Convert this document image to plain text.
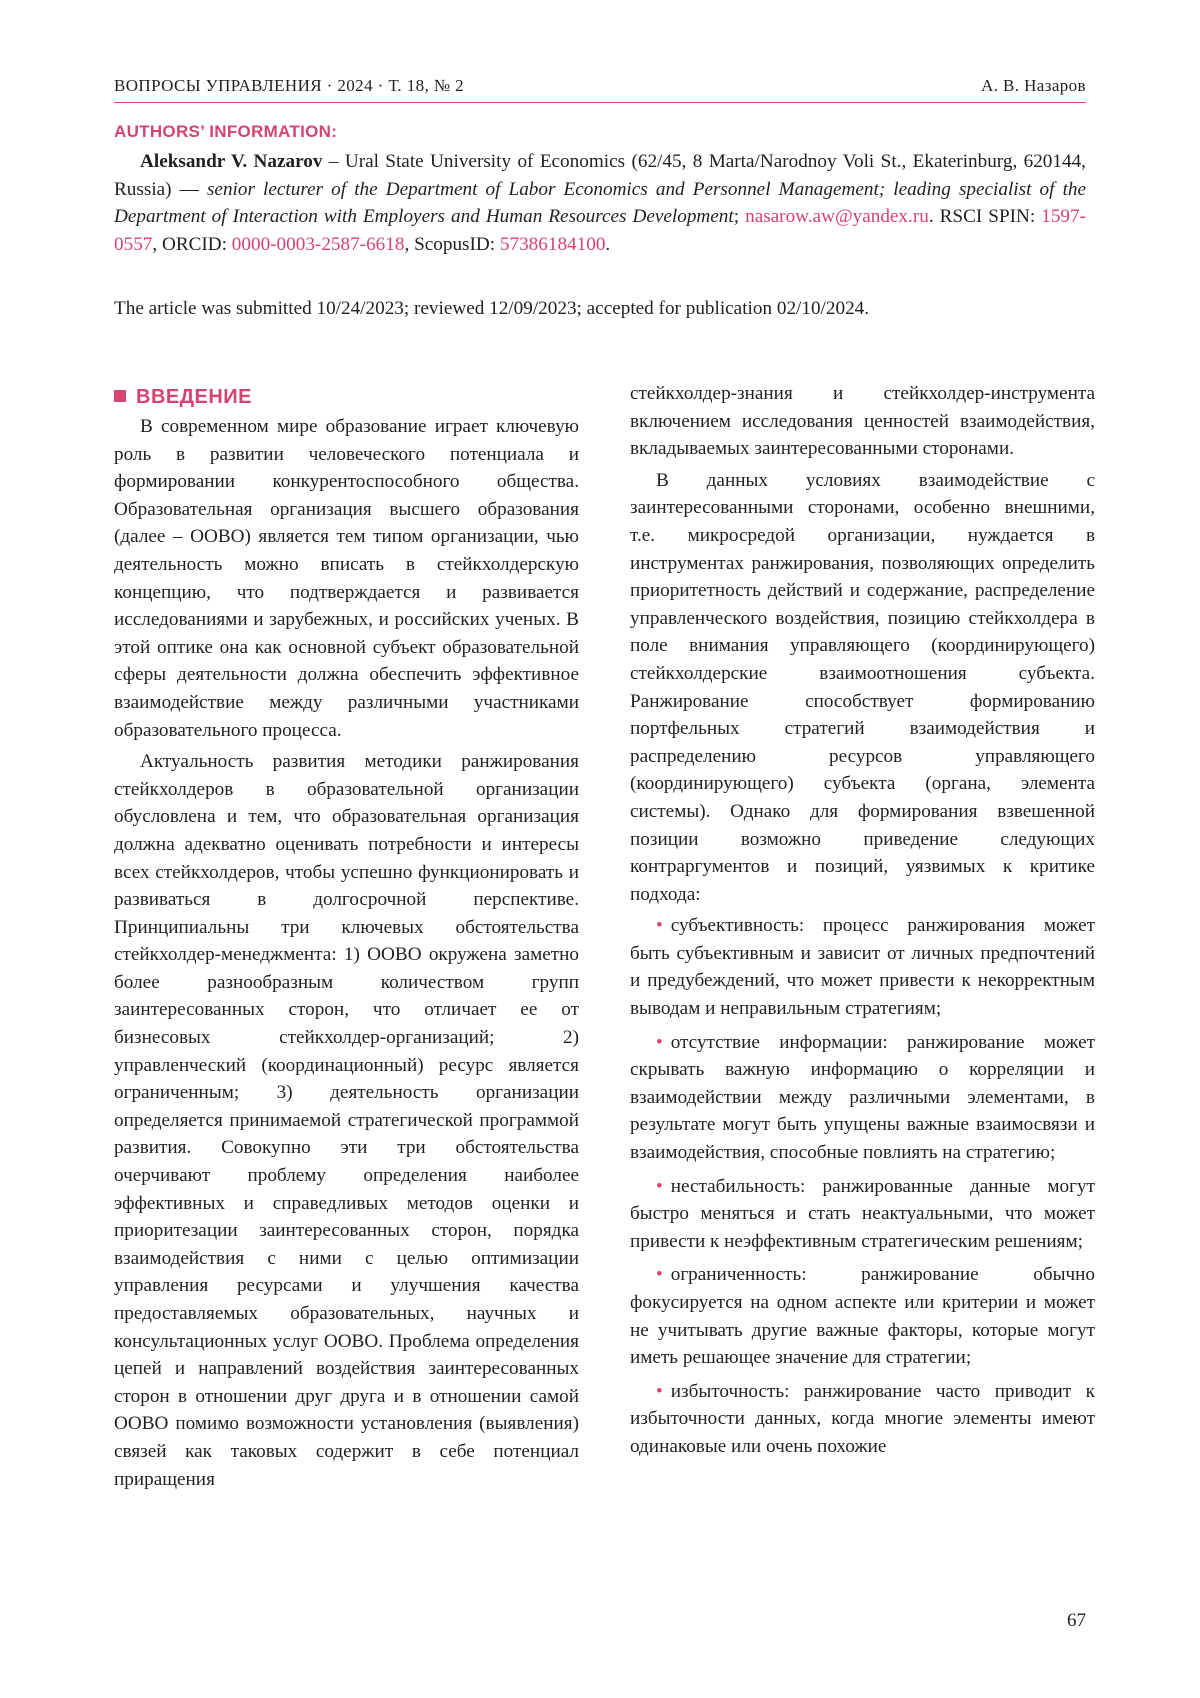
ВОПРОСЫ УПРАВЛЕНИЯ · 2024 · Т. 18, № 2	А. В. Назаров
AUTHORS’ INFORMATION:
Aleksandr V. Nazarov – Ural State University of Economics (62/45, 8 Marta/Narodnoy Voli St., Ekaterinburg, 620144, Russia) — senior lecturer of the Department of Labor Economics and Personnel Management; leading specialist of the Department of Interaction with Employers and Human Resources Development; nasarow.aw@yandex.ru. RSCI SPIN: 1597-0557, ORCID: 0000-0003-2587-6618, ScopusID: 57386184100.
The article was submitted 10/24/2023; reviewed 12/09/2023; accepted for publication 02/10/2024.
ВВЕДЕНИЕ

В современном мире образование играет ключевую роль в развитии человеческого потенциала и формировании конкурентоспособного общества. Образовательная организация высшего образования (далее – ООВО) является тем типом организации, чью деятельность можно вписать в стейкхолдерскую концепцию, что подтверждается и развивается исследованиями и зарубежных, и российских ученых. В этой оптике она как основной субъект образовательной сферы деятельности должна обеспечить эффективное взаимодействие между различными участниками образовательного процесса.

Актуальность развития методики ранжирования стейкхолдеров в образовательной организации обусловлена и тем, что образовательная организация должна адекватно оценивать потребности и интересы всех стейкхолдеров, чтобы успешно функционировать и развиваться в долгосрочной перспективе. Принципиальны три ключевых обстоятельства стейкхолдер-менеджмента: 1) ООВО окружена заметно более разнообразным количеством групп заинтересованных сторон, что отличает ее от бизнесовых стейкхолдер-организаций; 2) управленческий (координационный) ресурс является ограниченным; 3) деятельность организации определяется принимаемой стратегической программой развития. Совокупно эти три обстоятельства очерчивают проблему определения наиболее эффективных и справедливых методов оценки и приоритезации заинтересованных сторон, порядка взаимодействия с ними с целью оптимизации управления ресурсами и улучшения качества предоставляемых образовательных, научных и консультационных услуг ООВО. Проблема определения цепей и направлений воздействия заинтересованных сторон в отношении друг друга и в отношении самой ООВО помимо возможности установления (выявления) связей как таковых содержит в себе потенциал приращения

стейкхолдер-знания и стейкхолдер-инструмента включением исследования ценностей взаимодействия, вкладываемых заинтересованными сторонами.

В данных условиях взаимодействие с заинтересованными сторонами, особенно внешними, т.е. микросредой организации, нуждается в инструментах ранжирования, позволяющих определить приоритетность действий и содержание, распределение управленческого воздействия, позицию стейкхолдера в поле внимания управляющего (координирующего) стейкхолдерские взаимоотношения субъекта. Ранжирование способствует формированию портфельных стратегий взаимодействия и распределению ресурсов управляющего (координирующего) субъекта (органа, элемента системы). Однако для формирования взвешенной позиции возможно приведение следующих контраргументов и позиций, уязвимых к критике подхода:

• субъективность: процесс ранжирования может быть субъективным и зависит от личных предпочтений и предубеждений, что может привести к некорректным выводам и неправильным стратегиям;
• отсутствие информации: ранжирование может скрывать важную информацию о корреляции и взаимодействии между различными элементами, в результате могут быть упущены важные взаимосвязи и взаимодействия, способные повлиять на стратегию;
• нестабильность: ранжированные данные могут быстро меняться и стать неактуальными, что может привести к неэффективным стратегическим решениям;
• ограниченность: ранжирование обычно фокусируется на одном аспекте или критерии и может не учитывать другие важные факторы, которые могут иметь решающее значение для стратегии;
• избыточность: ранжирование часто приводит к избыточности данных, когда многие элементы имеют одинаковые или очень похожие
67
